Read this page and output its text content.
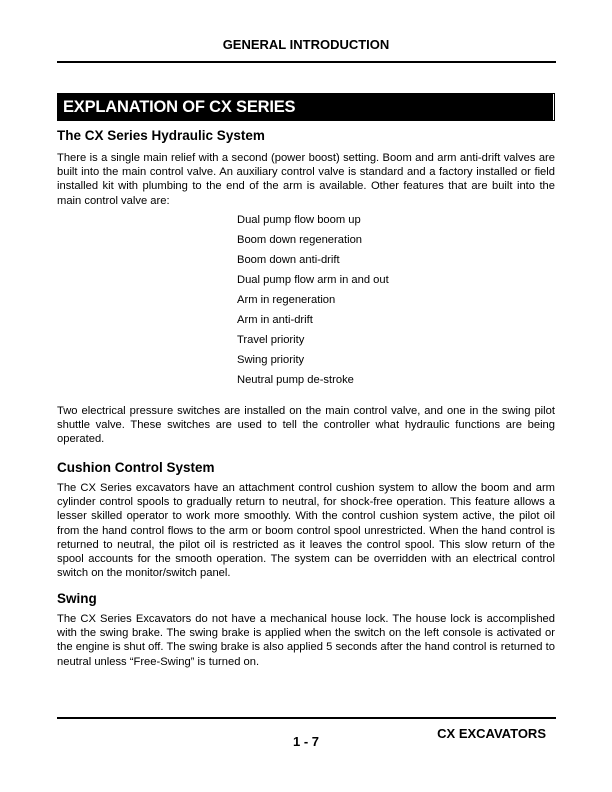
GENERAL INTRODUCTION
EXPLANATION OF CX SERIES
The CX Series Hydraulic System
There is a single main relief with a second (power boost) setting. Boom and arm anti-drift valves are built into the main control valve. An auxiliary control valve is standard and a factory installed or field installed kit with plumbing to the end of the arm is available. Other features that are built into the main control valve are:
Dual pump flow boom up
Boom down regeneration
Boom down anti-drift
Dual pump flow arm in and out
Arm in regeneration
Arm in anti-drift
Travel priority
Swing priority
Neutral pump de-stroke
Two electrical pressure switches are installed on the main control valve, and one in the swing pilot shuttle valve. These switches are used to tell the controller what hydraulic functions are being operated.
Cushion Control System
The CX Series excavators have an attachment control cushion system to allow the boom and arm cylinder control spools to gradually return to neutral, for shock-free operation. This feature allows a lesser skilled operator to work more smoothly. With the control cushion system active, the pilot oil from the hand control flows to the arm or boom control spool unrestricted. When the hand control is returned to neutral, the pilot oil is restricted as it leaves the control spool. This slow return of the spool accounts for the smooth operation. The system can be overridden with an electrical control switch on the monitor/switch panel.
Swing
The CX Series Excavators do not have a mechanical house lock. The house lock is accomplished with the swing brake. The swing brake is applied when the switch on the left console is activated or the engine is shut off. The swing brake is also applied 5 seconds after the hand control is returned to neutral unless “Free-Swing” is turned on.
1 - 7
CX EXCAVATORS
